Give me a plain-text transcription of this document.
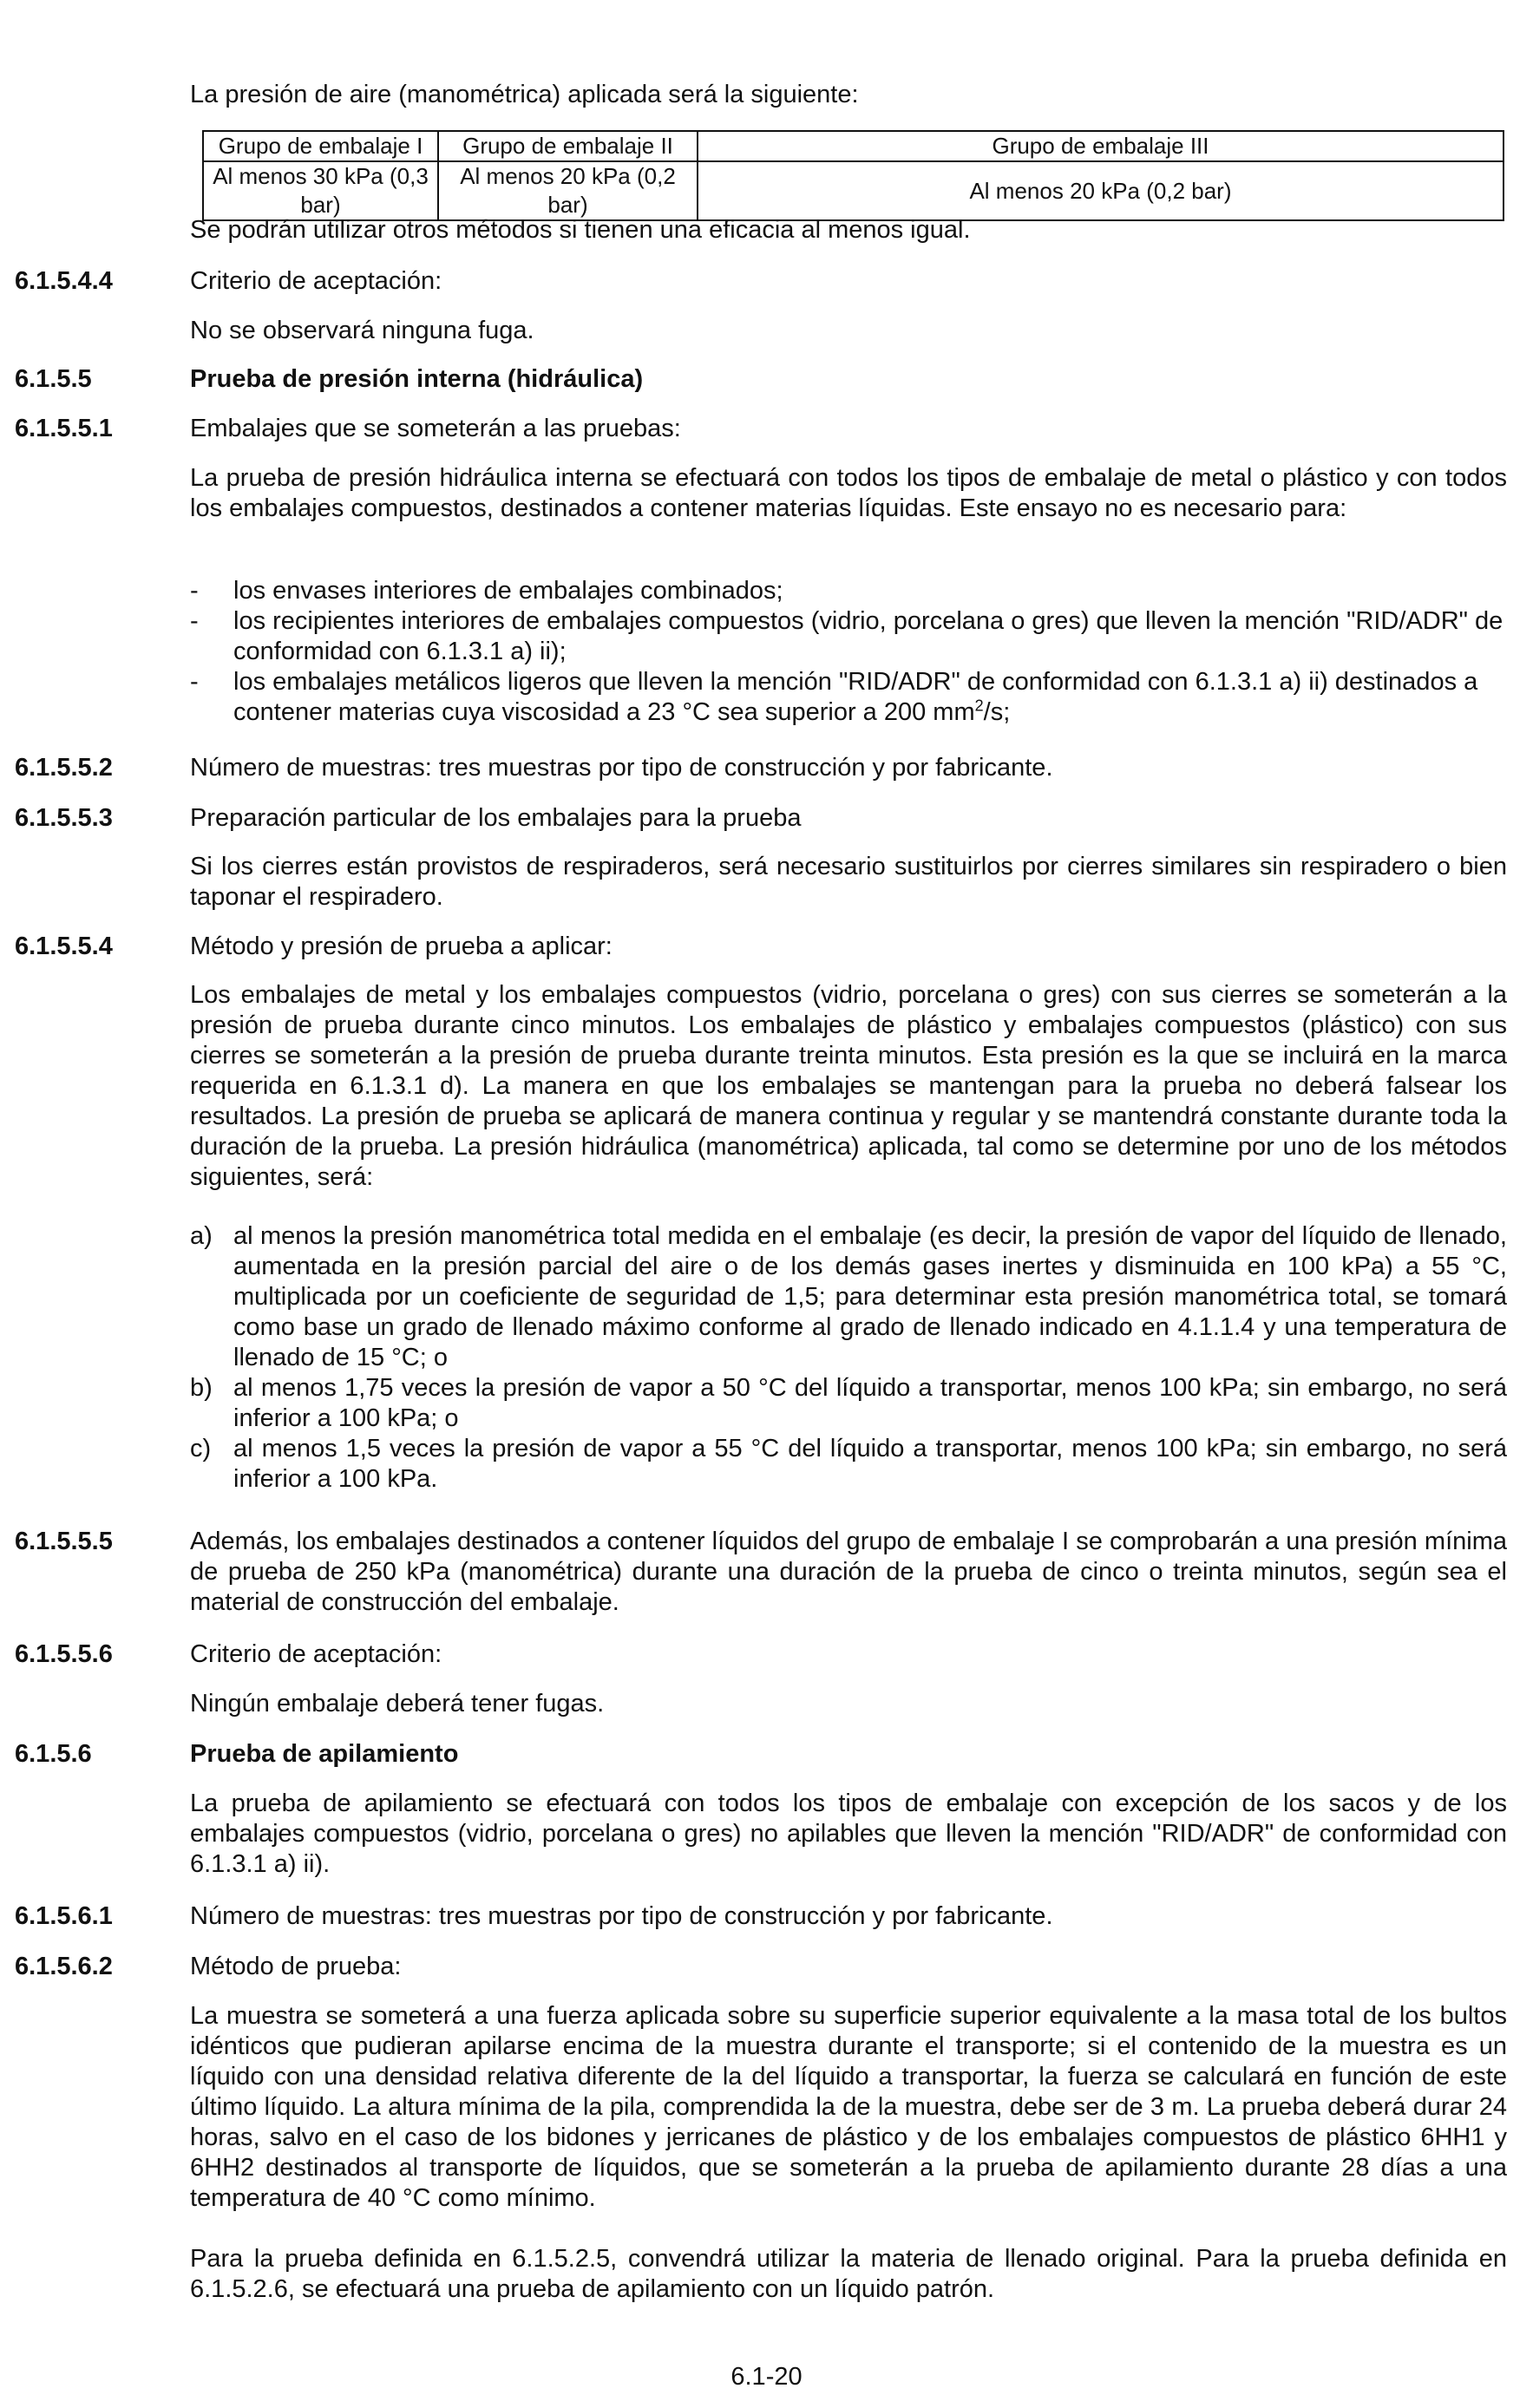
La presión de aire (manométrica) aplicada será la siguiente:

Grupo de embalaje I	Grupo de embalaje II	Grupo de embalaje III
Al menos 30 kPa (0,3 bar)	Al menos 20 kPa (0,2 bar)	Al menos 20 kPa (0,2 bar)

Se podrán utilizar otros métodos si tienen una eficacia al menos igual.

6.1.5.4.4	Criterio de aceptación:

No se observará ninguna fuga.

6.1.5.5	Prueba de presión interna (hidráulica)

6.1.5.5.1	Embalajes que se someterán a las pruebas:

La prueba de presión hidráulica interna se efectuará con todos los tipos de embalaje de metal o plástico y con todos los embalajes compuestos, destinados a contener materias líquidas. Este ensayo no es necesario para:

- los envases interiores de embalajes combinados;
- los recipientes interiores de embalajes compuestos (vidrio, porcelana o gres) que lleven la mención "RID/ADR" de conformidad con 6.1.3.1 a) ii);
- los embalajes metálicos ligeros que lleven la mención "RID/ADR" de conformidad con 6.1.3.1 a) ii) destinados a contener materias cuya viscosidad a 23 °C sea superior a 200 $mm^2/s$;

6.1.5.5.2	Número de muestras: tres muestras por tipo de construcción y por fabricante.

6.1.5.5.3	Preparación particular de los embalajes para la prueba

Si los cierres están provistos de respiraderos, será necesario sustituirlos por cierres similares sin respiradero o bien taponar el respiradero.

6.1.5.5.4	Método y presión de prueba a aplicar:

Los embalajes de metal y los embalajes compuestos (vidrio, porcelana o gres) con sus cierres se someterán a la presión de prueba durante cinco minutos. Los embalajes de plástico y embalajes compuestos (plástico) con sus cierres se someterán a la presión de prueba durante treinta minutos. Esta presión es la que se incluirá en la marca requerida en 6.1.3.1 d). La manera en que los embalajes se mantengan para la prueba no deberá falsear los resultados. La presión de prueba se aplicará de manera continua y regular y se mantendrá constante durante toda la duración de la prueba. La presión hidráulica (manométrica) aplicada, tal como se determine por uno de los métodos siguientes, será:

a) al menos la presión manométrica total medida en el embalaje (es decir, la presión de vapor del líquido de llenado, aumentada en la presión parcial del aire o de los demás gases inertes y disminuida en 100 kPa) a 55 °C, multiplicada por un coeficiente de seguridad de 1,5; para determinar esta presión manométrica total, se tomará como base un grado de llenado máximo conforme al grado de llenado indicado en 4.1.1.4 y una temperatura de llenado de 15 °C; o
b) al menos 1,75 veces la presión de vapor a 50 °C del líquido a transportar, menos 100 kPa; sin embargo, no será inferior a 100 kPa; o
c) al menos 1,5 veces la presión de vapor a 55 °C del líquido a transportar, menos 100 kPa; sin embargo, no será inferior a 100 kPa.

6.1.5.5.5	Además, los embalajes destinados a contener líquidos del grupo de embalaje I se comprobarán a una presión mínima de prueba de 250 kPa (manométrica) durante una duración de la prueba de cinco o treinta minutos, según sea el material de construcción del embalaje.

6.1.5.5.6	Criterio de aceptación:

Ningún embalaje deberá tener fugas.

6.1.5.6	Prueba de apilamiento

La prueba de apilamiento se efectuará con todos los tipos de embalaje con excepción de los sacos y de los embalajes compuestos (vidrio, porcelana o gres) no apilables que lleven la mención "RID/ADR" de conformidad con 6.1.3.1 a) ii).

6.1.5.6.1	Número de muestras: tres muestras por tipo de construcción y por fabricante.

6.1.5.6.2	Método de prueba:

La muestra se someterá a una fuerza aplicada sobre su superficie superior equivalente a la masa total de los bultos idénticos que pudieran apilarse encima de la muestra durante el transporte; si el contenido de la muestra es un líquido con una densidad relativa diferente de la del líquido a transportar, la fuerza se calculará en función de este último líquido. La altura mínima de la pila, comprendida la de la muestra, debe ser de 3 m. La prueba deberá durar 24 horas, salvo en el caso de los bidones y jerricanes de plástico y de los embalajes compuestos de plástico 6HH1 y 6HH2 destinados al transporte de líquidos, que se someterán a la prueba de apilamiento durante 28 días a una temperatura de 40 °C como mínimo.

Para la prueba definida en 6.1.5.2.5, convendrá utilizar la materia de llenado original. Para la prueba definida en 6.1.5.2.6, se efectuará una prueba de apilamiento con un líquido patrón.

6.1-20
